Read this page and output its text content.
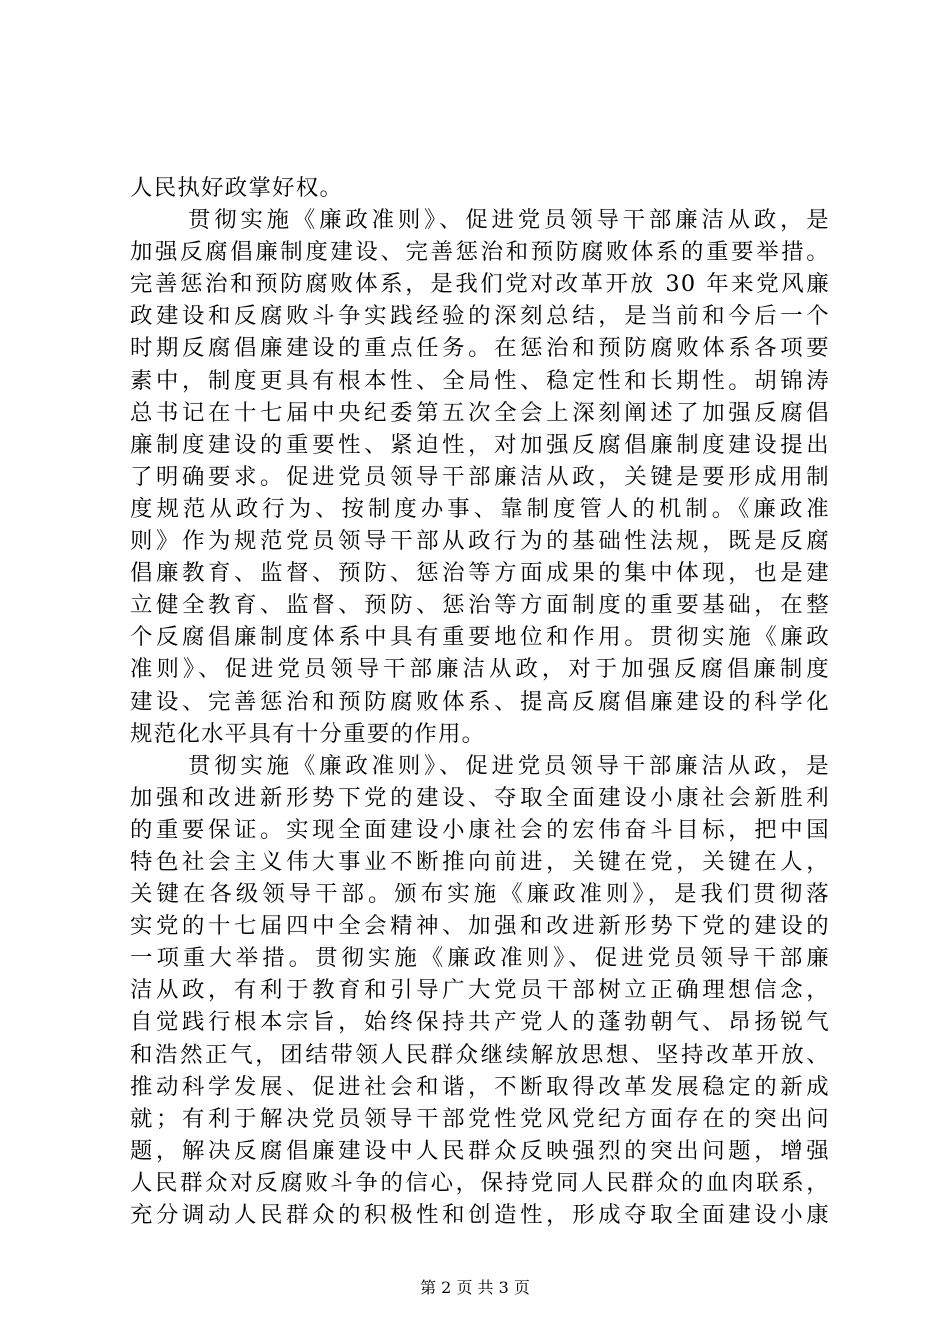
人民执好政掌好权。
贯彻实施《廉政准则》、促进党员领导干部廉洁从政，是
加强反腐倡廉制度建设、完善惩治和预防腐败体系的重要举措。
完善惩治和预防腐败体系，是我们党对改革开放 30 年来党风廉
政建设和反腐败斗争实践经验的深刻总结，是当前和今后一个
时期反腐倡廉建设的重点任务。在惩治和预防腐败体系各项要
素中，制度更具有根本性、全局性、稳定性和长期性。胡锦涛
总书记在十七届中央纪委第五次全会上深刻阐述了加强反腐倡
廉制度建设的重要性、紧迫性，对加强反腐倡廉制度建设提出
了明确要求。促进党员领导干部廉洁从政，关键是要形成用制
度规范从政行为、按制度办事、靠制度管人的机制。《廉政准
则》作为规范党员领导干部从政行为的基础性法规，既是反腐
倡廉教育、监督、预防、惩治等方面成果的集中体现，也是建
立健全教育、监督、预防、惩治等方面制度的重要基础，在整
个反腐倡廉制度体系中具有重要地位和作用。贯彻实施《廉政
准则》、促进党员领导干部廉洁从政，对于加强反腐倡廉制度
建设、完善惩治和预防腐败体系、提高反腐倡廉建设的科学化
规范化水平具有十分重要的作用。
贯彻实施《廉政准则》、促进党员领导干部廉洁从政，是
加强和改进新形势下党的建设、夺取全面建设小康社会新胜利
的重要保证。实现全面建设小康社会的宏伟奋斗目标，把中国
特色社会主义伟大事业不断推向前进，关键在党，关键在人，
关键在各级领导干部。颁布实施《廉政准则》，是我们贯彻落
实党的十七届四中全会精神、加强和改进新形势下党的建设的
一项重大举措。贯彻实施《廉政准则》、促进党员领导干部廉
洁从政，有利于教育和引导广大党员干部树立正确理想信念，
自觉践行根本宗旨，始终保持共产党人的蓬勃朝气、昂扬锐气
和浩然正气，团结带领人民群众继续解放思想、坚持改革开放、
推动科学发展、促进社会和谐，不断取得改革发展稳定的新成
就；有利于解决党员领导干部党性党风党纪方面存在的突出问
题，解决反腐倡廉建设中人民群众反映强烈的突出问题，增强
人民群众对反腐败斗争的信心，保持党同人民群众的血肉联系，
充分调动人民群众的积极性和创造性，形成夺取全面建设小康
第 2 页 共 3 页
